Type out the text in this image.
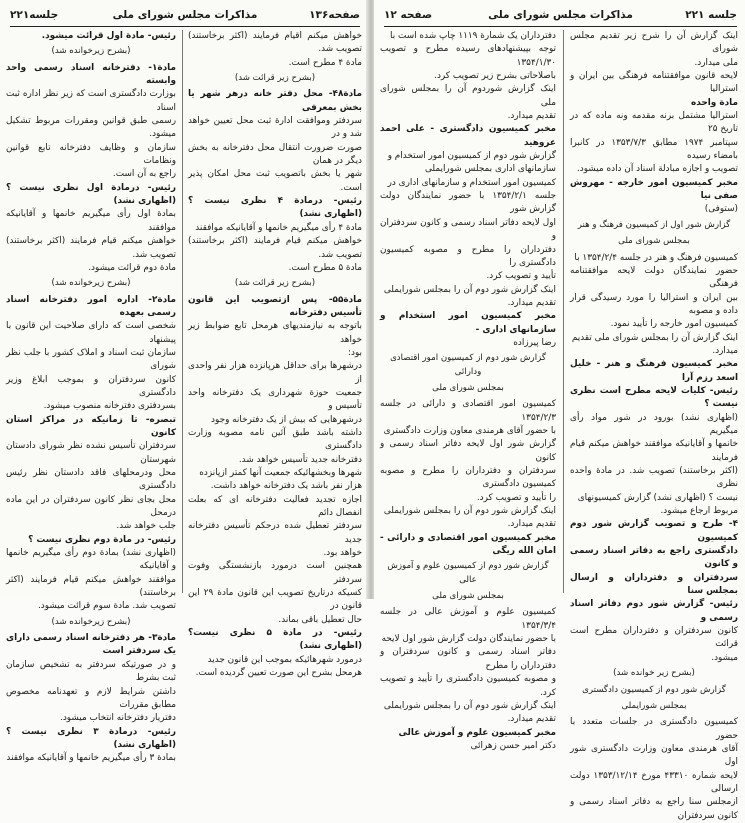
صفحه۱۳۶
مذاکرات مجلس شورای ملی
جلسه۲۲۱

خواهش میکنم اقیام فرمایند (اکثر برخاستند) تصویب شد.

مادة ۴ مطرح است.

(بشرح زیر قرائت شد)

مادة۴۸- محل دفتر خانه درهر شهر یا بخش بمعرفی

سردفتر وموافقت ادارة ثبت محل تعیین خواهد شد و در

صورت ضرورت انتقال محل دفترخانه به بخش دیگر در همان

شهر یا بخش باتصویب ثبت محل امکان پذیر است.

رئیس- درمادة ۴ نظری نیست ؟ (اظهاری نشد)

مادة ۴ رأی میگیریم خانمها و آقایانیکه موافقند

خواهش میکنم قیام فرمایند (اکثر برخاستند) تصویب شد.

مادة ۵ مطرح است.

(بشرح زیر قرائت شد)

مادة۵۵- پس ازتصویب این قانون تأسیس دفترخانه

باتوجه به نیازمندیهای هرمحل تابع ضوابط زیر خواهد

بود:

درشهرها برای حداقل هرپانزده هزار نفر واحدی از

جمعیت حوزة شهرداری یک دفترخانه واحد تأسیس و

درشهرهایی که بیش از یک دفترخانه وجود

داشته باشد طبق آئین نامه مصوبه وزارت دادگستری

دفترخانه جدید تأسیس خواهد شد.

شهرها وبخشهائیکه جمعیت آنها کمتر ازپانزده

هزار نفر باشد یک دفترخانه خواهد داشت.

اجازه تجدید فعالیت دفترخانه ای که بعلت انفصال دائم

سردفتر تعطیل شده درحکم تأسیس دفترخانه جدید

خواهد بود.

همچنین است درمورد بازنشستگی وفوت سردفتر

کسیکه درتاریخ تصویب این قانون مادة ۲۹ این قانون در

حال تعطیل باقی بماند.

رئیس- در مادة ۵ نظری نیست؟ (اظهاری نشد)

درمورد شهرهائیکه بموجب این قانون جدید

هرمحل بشرح این صورت تعیین گردیده است.

رئیس- مادة اول قرائت میشود.

(بشرح زیرخوانده شد)

مادة۱- دفترخانه اسناد رسمی واحد وابسته

بوزارت دادگستری است که زیر نظر اداره ثبت اسناد

رسمی طبق قوانین ومقررات مربوط تشکیل میشود.

سازمان و وظایف دفترخانه تابع قوانین ونظامات

راجع به آن است.

رئیس- درمادة اول نظری نیست ؟ (اظهاری نشد)

بمادة اول رأی میگیریم خانمها و آقایانیکه موافقند

خواهش میکنم قیام فرمایند (اکثر برخاستند) تصویب شد.

مادة دوم قرائت میشود.

(بشرح زیرخوانده شد)

مادة۲- اداره امور دفترخانه اسناد رسمی بعهده

شخصی است که دارای صلاحیت این قانون با پیشنهاد

سازمان ثبت اسناد و املاک کشور با جلب نظر شورای

کانون سردفتران و بموجب ابلاغ وزیر دادگستری

بسردفتری دفترخانه منصوب میشود.

تبصره- تا زمانیکه در مراکز استان کانون

سردفتران تأسیس نشده نظر شورای دادستان شهرستان

محل ودرمحلهای فاقد دادستان نظر رئیس دادگستری

محل بجای نظر کانون سردفتران در این ماده درمحل

جلب خواهد شد.

رئیس- در مادة دوم نظری نیست ؟

(اظهاری نشد) بمادة دوم رأی میگیریم خانمها و آقایانیکه

موافقند خواهش میکنم قیام فرمایند (اکثر برخاستند)

تصویب شد. مادة سوم قرائت میشود.

(بشرح زیرخوانده شد)

مادة۳- هر دفترخانه اسناد رسمی دارای یک سردفتر است

و در صورتیکه سردفتر به تشخیص سازمان ثبت بشرط

داشتن شرایط لازم و تعهدنامه مخصوص مطابق مقررات

دفتریار دفترخانه انتخاب میشود.

رئیس- درمادة ۳ نظری نیست ؟ (اظهاری نشد)

بمادة ۳ رأی میگیریم خانمها و آقایانیکه موافقند

صفحه ۱۲	مذاکرات مجلس شورای ملی	جلسه ۲۲۱

اینک گزارش آن را شرح زیر تقدیم مجلس شورای

ملی میدارد.

لایحه قانون موافقتنامه فرهنگی بین ایران و استرالیا

مادة واحده

استرالیا مشتمل برنه مقدمه ونه ماده که در تاریخ ۲۵

سپتامبر ۱۹۷۴ مطابق ۱۳۵۳/۷/۳ در کانبرا بامضاء رسیده

تصویب و اجازه مبادلة اسناد آن داده میشود.

مخبر کمیسیون امور خارجه - مهروش صفی نیا

(ستوفی)

گزارش شور اول از کمیسیون فرهنگ و هنر

بمجلس شورای ملی

کمیسیون فرهنگ و هنر در جلسه ۱۳۵۴/۲/۴ با

حضور نمایندگان دولت لایحه موافقتنامه فرهنگی

بین ایران و استرالیا را مورد رسیدگی قرار داده و مصوبه

کمیسیون امور خارجه را تأیید نمود.

اینک گزارش آن را بمجلس شورای ملی تقدیم

میدارد.

مخبر کمیسیون فرهنگ و هنر - خلیل اسعد رزم آرا

رئیس- کلیات لایحه مطرح است نظری نیست ؟

(اظهاری نشد) بورود در شور مواد رأی میگیریم

خانمها و آقایانیکه موافقند خواهش میکنم قیام فرمایند

(اکثر برخاستند) تصویب شد. در مادة واحده نظری

نیست ؟ (اظهاری نشد) گزارش کمیسیونهای

مربوط ارجاع میشود.

۴- طرح و تصویب گزارش شور دوم کمیسیون

دادگستری راجع به دفاتر اسناد رسمی و کانون

سردفتران و دفترداران و ارسال بمجلس سنا

رئیس- گزارش شور دوم دفاتر اسناد رسمی و

کانون سردفتران و دفترداران مطرح است قرائت

میشود.

(بشرح زیر خوانده شد)

گزارش شور دوم از کمیسیون دادگستری

بمجلس شورایملی

کمیسیون دادگستری در جلسات متعدد با حضور

آقای هرمندی معاون وزارت دادگستری شور اول

لایحه شماره ۴۳۳۱۰ مورخ ۱۳۵۳/۱۲/۱۴ دولت ارسالی

ازمجلس سنا راجع به دفاتر اسناد رسمی و کانون سردفتران

دفترداران یک شمارة ۱۱۱۹ چاپ شده است با

توجه بپیشنهادهای رسیده مطرح و تصویب ۱۳۵۴/۱/۳۰

باصلاحاتی بشرح زیر تصویب کرد.

اینک گزارش شوردوم آن را بمجلس شورای ملی

تقدیم میدارد.

مخبر کمیسیون دادگستری - علی احمد عروهید

گزارش شور دوم از کمیسیون امور استخدام و

سازمانهای اداری بمجلس شورایملی

کمیسیون امور استخدام و سازمانهای اداری در

جلسه ۱۳۵۴/۲/۱ با حضور نمایندگان دولت گزارش شور

اول لایحه دفاتر اسناد رسمی و کانون سردفتران و

دفترداران را مطرح و مصوبه کمیسیون دادگستری را

تأیید و تصویب کرد.

اینک گزارش شور دوم آن را بمجلس شورایملی

تقدیم میدارد.

مخبر کمیسیون امور استخدام و سازمانهای اداری -

رضا پیرزاده

گزارش شور دوم از کمیسیون امور اقتصادی ودارائی

بمجلس شورای ملی

کمیسیون امور اقتصادی و دارائی در جلسه ۱۳۵۴/۲/۳

با حضور آقای هرمندی معاون وزارت دادگستری

گزارش شور اول لایحه دفاتر اسناد رسمی و کانون

سردفتران و دفترداران را مطرح و مصوبه کمیسیون دادگستری

را تأیید و تصویب کرد.

اینک گزارش شور دوم آن را بمجلس شورایملی

تقدیم میدارد.

مخبر کمیسیون امور اقتصادی و دارائی - امان الله ریگی

گزارش شور دوم از کمیسیون علوم و آموزش عالی

بمجلس شورای ملی

کمیسیون علوم و آموزش عالی در جلسه ۱۳۵۴/۳/۴

با حضور نمایندگان دولت گزارش شور اول لایحه

دفاتر اسناد رسمی و کانون سردفتران و دفترداران را مطرح

و مصوبه کمیسیون دادگستری را تأیید و تصویب کرد.

اینک گزارش شور دوم آن را بمجلس شورایملی

تقدیم میدارد.

مخبر کمیسیون علوم و آموزش عالی

دکتر امیر حسن زهرائی
